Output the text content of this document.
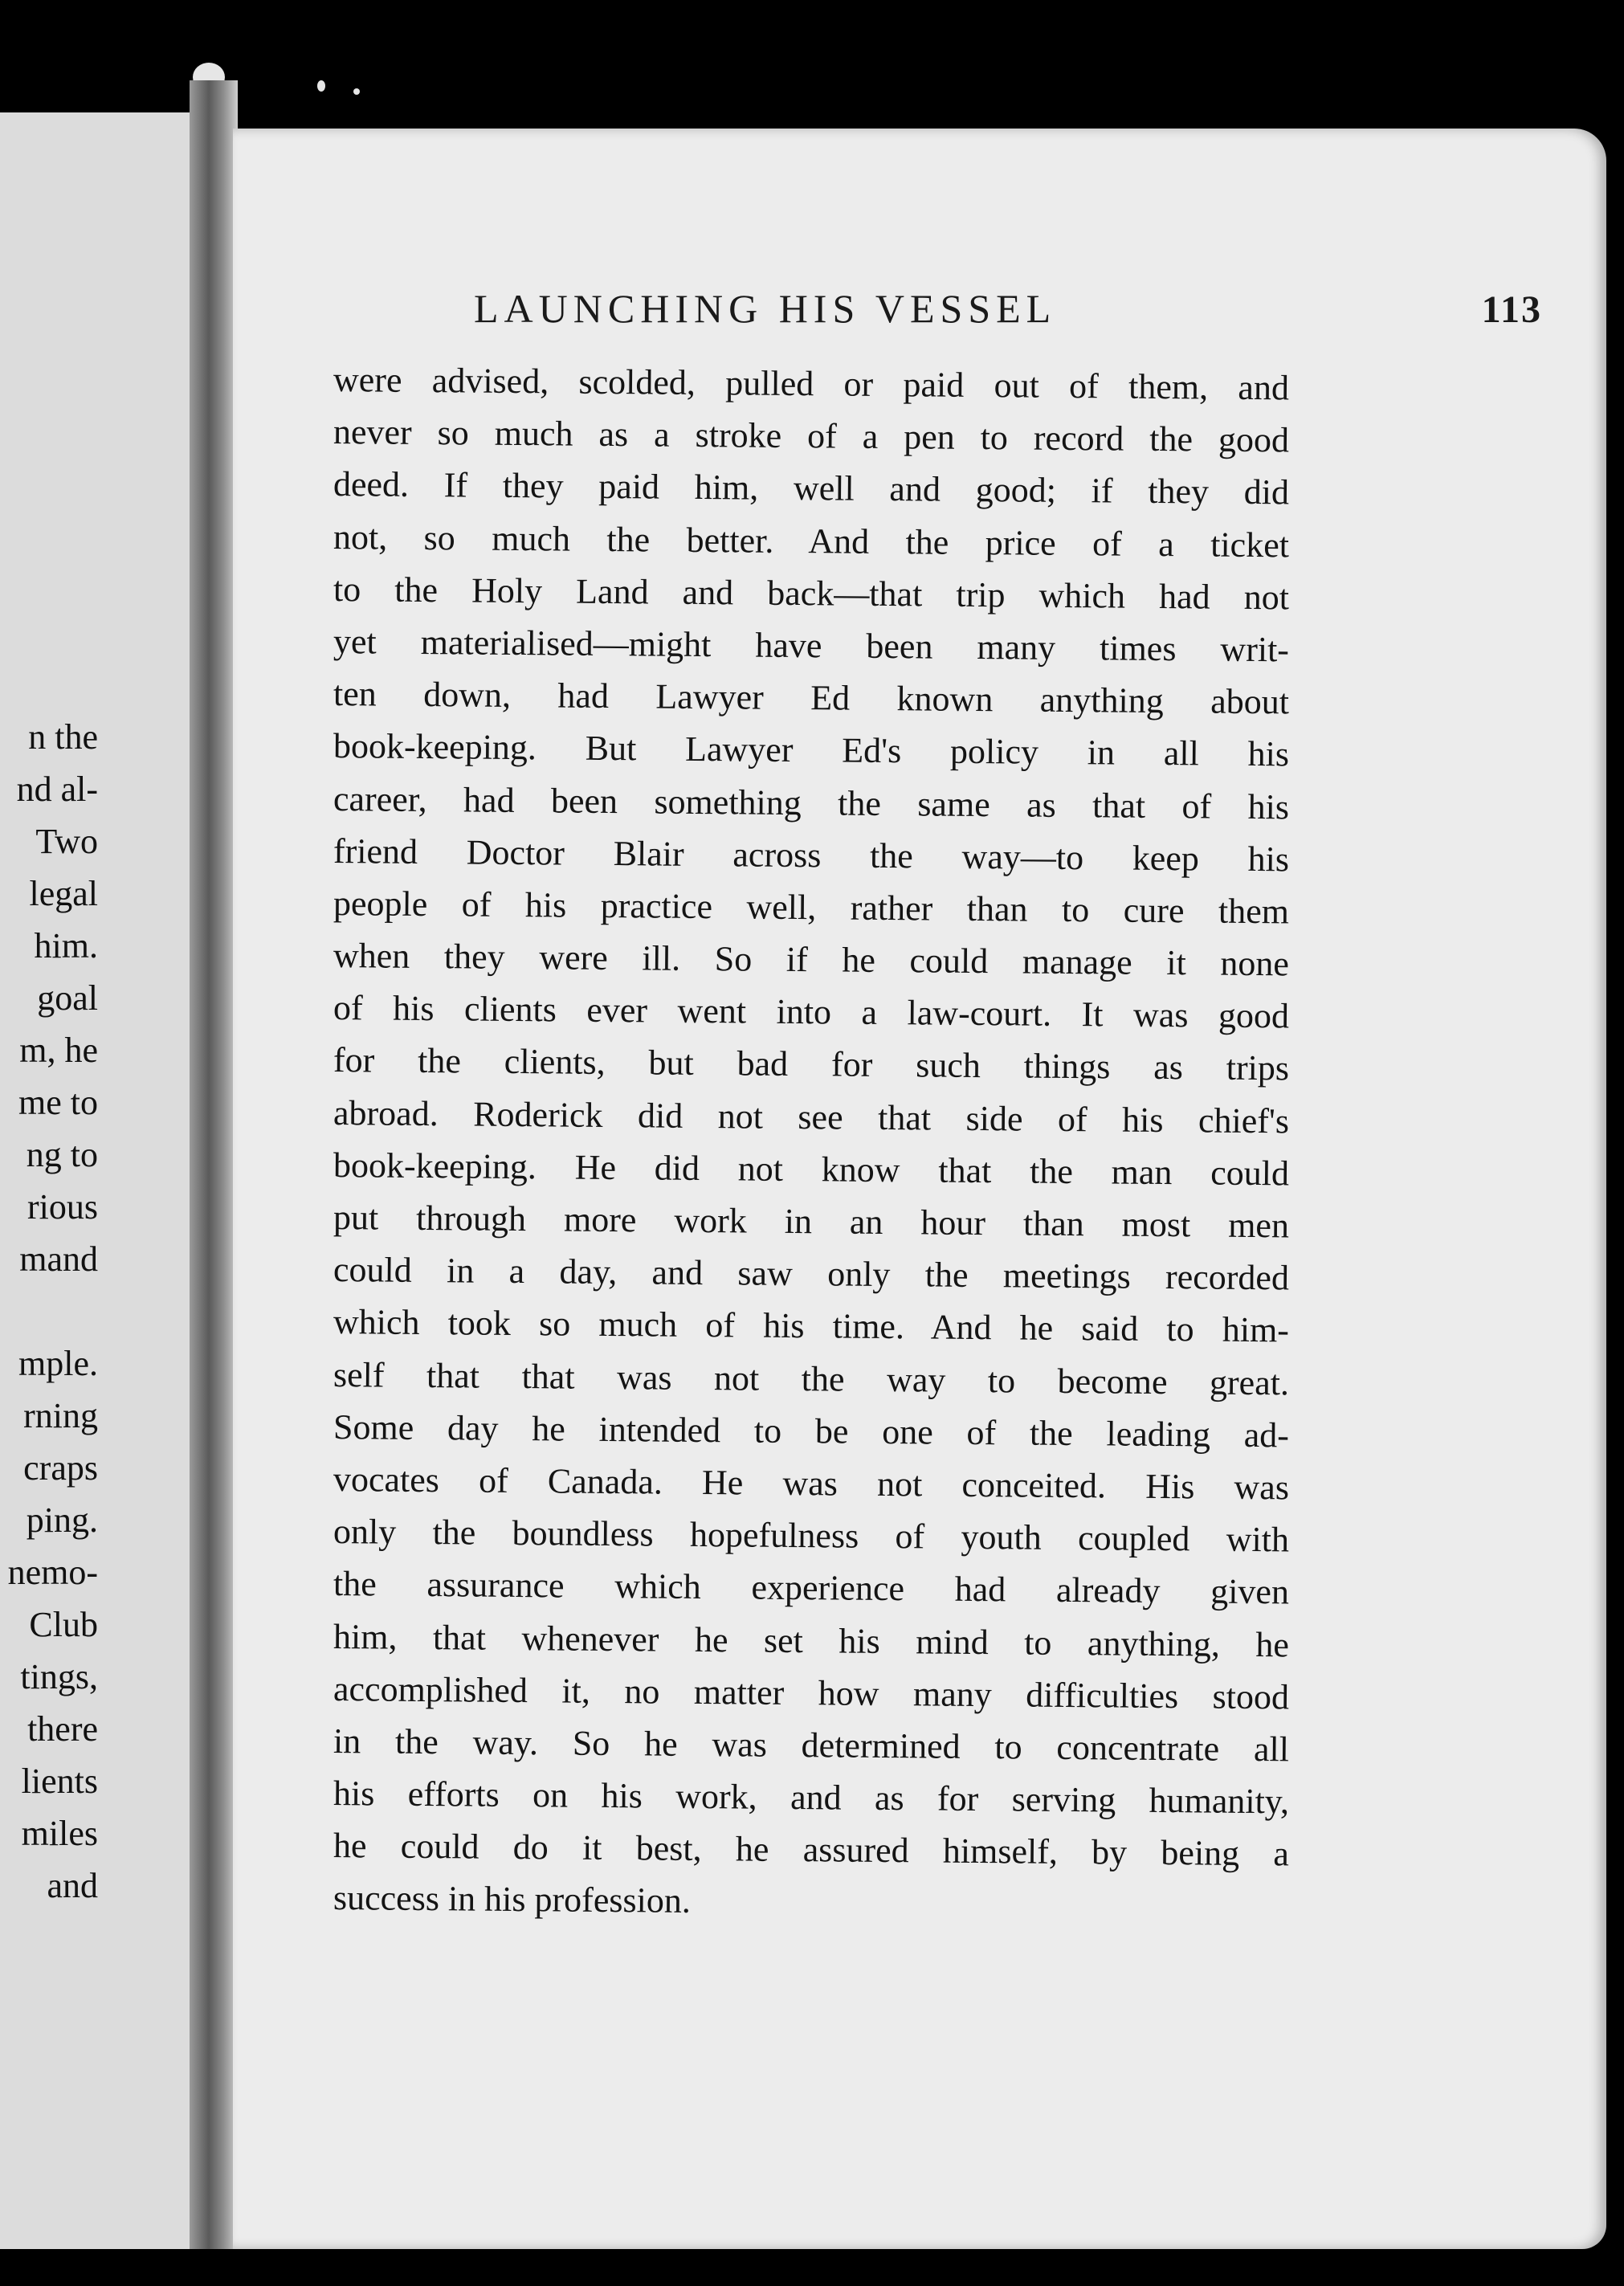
n the
nd al-
Two
legal
him.
goal
m, he
me to
ng to
rious
mand
mple.
rning
craps
ping.
nemo-
Club
tings,
there
lients
miles
and
LAUNCHING HIS VESSEL	113
were advised, scolded, pulled or paid out of them, and
never so much as a stroke of a pen to record the good
deed. If they paid him, well and good; if they did
not, so much the better. And the price of a ticket
to the Holy Land and back—that trip which had not
yet materialised—might have been many times writ-
ten down, had Lawyer Ed known anything about
book-keeping. But Lawyer Ed's policy in all his
career, had been something the same as that of his
friend Doctor Blair across the way—to keep his
people of his practice well, rather than to cure them
when they were ill. So if he could manage it none
of his clients ever went into a law-court. It was good
for the clients, but bad for such things as trips
abroad. Roderick did not see that side of his chief's
book-keeping. He did not know that the man could
put through more work in an hour than most men
could in a day, and saw only the meetings recorded
which took so much of his time. And he said to him-
self that that was not the way to become great.
Some day he intended to be one of the leading ad-
vocates of Canada. He was not conceited. His was
only the boundless hopefulness of youth coupled with
the assurance which experience had already given
him, that whenever he set his mind to anything, he
accomplished it, no matter how many difficulties stood
in the way. So he was determined to concentrate all
his efforts on his work, and as for serving humanity,
he could do it best, he assured himself, by being a
success in his profession.
